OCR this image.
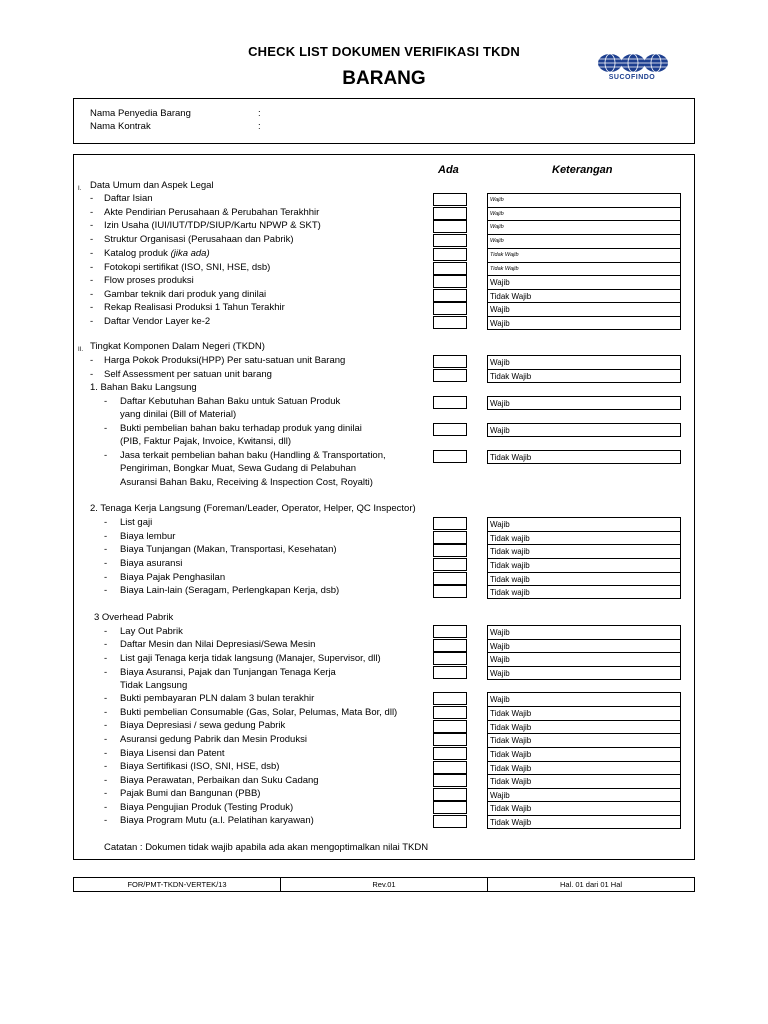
CHECK LIST DOKUMEN VERIFIKASI TKDN
BARANG	SUCOFINDO
Nama Penyedia Barang	:
Nama Kontrak	:
Ada	Keterangan
I. Data Umum dan Aspek Legal
- Daftar Isian	Wajib
- Akte Pendirian Perusahaan & Perubahan Terakhhir	Wajib
- Izin Usaha (IUI/IUT/TDP/SIUP/Kartu NPWP & SKT)	Wajib
- Struktur Organisasi (Perusahaan dan Pabrik)	Wajib
- Katalog produk (jika ada)	Tidak Wajib
- Fotokopi sertifikat (ISO, SNI, HSE, dsb)	Tidak Wajib
- Flow proses produksi	Wajib
- Gambar teknik dari produk yang dinilai	Tidak Wajib
- Rekap Realisasi Produksi 1 Tahun Terakhir	Wajib
- Daftar Vendor Layer ke-2	Wajib
II. Tingkat Komponen Dalam Negeri (TKDN)
- Harga Pokok Produksi(HPP) Per satu-satuan unit Barang	Wajib
- Self Assessment per satuan unit barang	Tidak Wajib
1. Bahan Baku Langsung
- Daftar Kebutuhan Bahan Baku untuk Satuan Produk
yang dinilai (Bill of Material)
Wajib
- Bukti pembelian bahan baku terhadap produk yang dinilai
(PIB, Faktur Pajak, Invoice, Kwitansi, dll)
Wajib
- Jasa terkait pembelian bahan baku (Handling & Transportation,
Pengiriman, Bongkar Muat, Sewa Gudang di Pelabuhan
Asuransi Bahan Baku, Receiving & Inspection Cost, Royalti)
Tidak Wajib
2. Tenaga Kerja Langsung (Foreman/Leader, Operator, Helper, QC Inspector)
- List gaji	Wajib
- Biaya lembur	Tidak wajib
- Biaya Tunjangan (Makan, Transportasi, Kesehatan)	Tidak wajib
- Biaya asuransi	Tidak wajib
- Biaya Pajak Penghasilan	Tidak wajib
- Biaya Lain-lain (Seragam, Perlengkapan Kerja, dsb)	Tidak wajib
3 Overhead Pabrik
- Lay Out Pabrik	Wajib
- Daftar Mesin dan Nilai Depresiasi/Sewa Mesin	Wajib
- List gaji Tenaga kerja tidak langsung (Manajer, Supervisor, dll)	Wajib
- Biaya Asuransi, Pajak dan Tunjangan Tenaga Kerja
Tidak Langsung
Wajib
- Bukti pembayaran PLN dalam 3 bulan terakhir	Wajib
- Bukti pembelian Consumable (Gas, Solar, Pelumas, Mata Bor, dll)	Tidak Wajib
- Biaya Depresiasi / sewa gedung Pabrik	Tidak Wajib
- Asuransi gedung Pabrik dan Mesin Produksi	Tidak Wajib
- Biaya Lisensi dan Patent	Tidak Wajib
- Biaya Sertifikasi (ISO, SNI, HSE, dsb)	Tidak Wajib
- Biaya Perawatan, Perbaikan dan Suku Cadang	Tidak Wajib
- Pajak Bumi dan Bangunan (PBB)	Wajib
- Biaya Pengujian Produk (Testing Produk)	Tidak Wajib
- Biaya Program Mutu (a.l. Pelatihan karyawan)	Tidak Wajib
Catatan : Dokumen tidak wajib apabila ada akan mengoptimalkan nilai TKDN
FOR/PMT-TKDN-VERTEK/13	Rev.01	Hal. 01 dari 01 Hal
